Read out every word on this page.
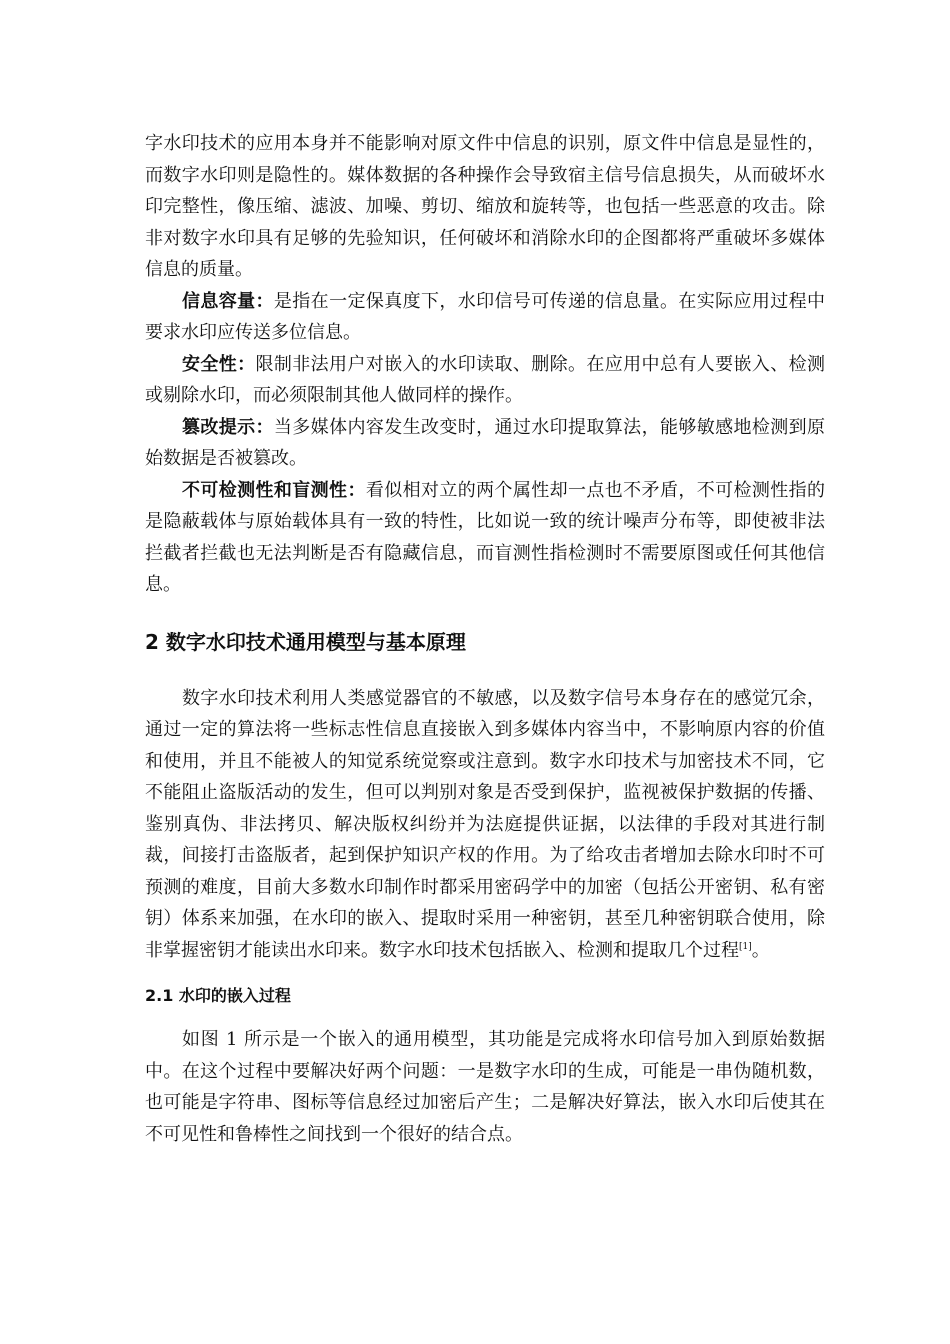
字水印技术的应用本身并不能影响对原文件中信息的识别，原文件中信息是显性的，而数字水印则是隐性的。媒体数据的各种操作会导致宿主信号信息损失，从而破坏水印完整性，像压缩、滤波、加噪、剪切、缩放和旋转等，也包括一些恶意的攻击。除非对数字水印具有足够的先验知识，任何破坏和消除水印的企图都将严重破坏多媒体信息的质量。

信息容量：是指在一定保真度下，水印信号可传递的信息量。在实际应用过程中要求水印应传送多位信息。

安全性：限制非法用户对嵌入的水印读取、删除。在应用中总有人要嵌入、检测或剔除水印，而必须限制其他人做同样的操作。

篡改提示：当多媒体内容发生改变时，通过水印提取算法，能够敏感地检测到原始数据是否被篡改。

不可检测性和盲测性：看似相对立的两个属性却一点也不矛盾，不可检测性指的是隐蔽载体与原始载体具有一致的特性，比如说一致的统计噪声分布等，即使被非法拦截者拦截也无法判断是否有隐藏信息，而盲测性指检测时不需要原图或任何其他信息。

2 数字水印技术通用模型与基本原理

数字水印技术利用人类感觉器官的不敏感，以及数字信号本身存在的感觉冗余，通过一定的算法将一些标志性信息直接嵌入到多媒体内容当中，不影响原内容的价值和使用，并且不能被人的知觉系统觉察或注意到。数字水印技术与加密技术不同，它不能阻止盗版活动的发生，但可以判别对象是否受到保护，监视被保护数据的传播、鉴别真伪、非法拷贝、解决版权纠纷并为法庭提供证据，以法律的手段对其进行制裁，间接打击盗版者，起到保护知识产权的作用。为了给攻击者增加去除水印时不可预测的难度，目前大多数水印制作时都采用密码学中的加密（包括公开密钥、私有密钥）体系来加强，在水印的嵌入、提取时采用一种密钥，甚至几种密钥联合使用，除非掌握密钥才能读出水印来。数字水印技术包括嵌入、检测和提取几个过程[1]。

2.1 水印的嵌入过程

如图 1 所示是一个嵌入的通用模型，其功能是完成将水印信号加入到原始数据中。在这个过程中要解决好两个问题：一是数字水印的生成，可能是一串伪随机数，也可能是字符串、图标等信息经过加密后产生；二是解决好算法，嵌入水印后使其在不可见性和鲁棒性之间找到一个很好的结合点。
